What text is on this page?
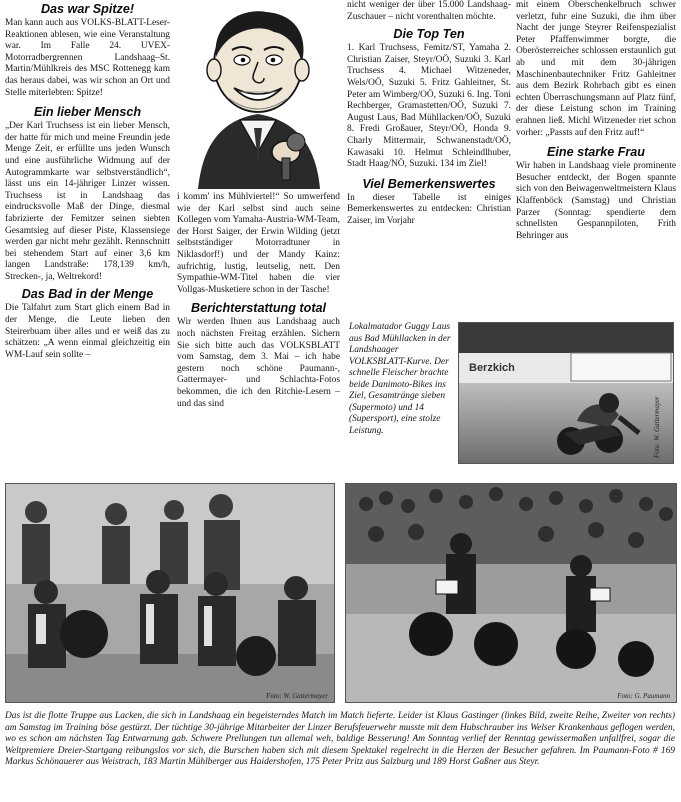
Das war Spitze!

Man kann auch aus VOLKS-BLATT-Leser-Reaktionen ablesen, wie eine Veranstaltung war. Im Falle 24. UVEX-Motorradbergrennen Landshaag–St. Martin/Mühlkreis des MSC Rottenegg kam das heraus dabei, was wir schon an Ort und Stelle miterlebten: Spitze!

Ein lieber Mensch

„Der Karl Truchsess ist ein lieber Mensch, der hatte für mich und meine Freundin jede Menge Zeit, er erfüllte uns jeden Wunsch und eine ausführliche Widmung auf der Autogrammkarte war selbstverständlich“, lässt uns ein 14-jähriger Linzer wissen. Truchsess ist in Landshaag das eindrucksvolle Maß der Dinge, diesmal fabrizierte der Femitzer seinen siebten Gesamtsieg auf dieser Piste, Klassensiege werden gar nicht mehr gezählt. Rennschnitt bei stehendem Start auf einer 3,6 km langen Landstraße: 178,139 km/h, Strecken-, ja, Weltrekord!

Das Bad in der Menge

Die Talfahrt zum Start glich einem Bad in der Menge, die Leute lieben den Steirerbuam über alles und er weiß das zu schätzen: „A wenn einmal gleichzeitig ein WM-Lauf sein sollte –

i komm' ins Mühlviertel!“ So umwerfend wie der Karl selbst sind auch seine Kollegen vom Yamaha-Austria-WM-Team, der Horst Saiger, der Erwin Wilding (jetzt selbstständiger Motorradtuner in Niklasdorf!) und der Mandy Kainz: aufrichtig, lustig, leutselig, nett. Den Sympathie-WM-Titel haben die vier Vollgas-Musketiere schon in der Tasche!

Berichterstattung total

Wir werden Ihnen aus Landshaag auch noch nächsten Freitag erzählen. Sichern Sie sich bitte auch das VOLKSBLATT vom Samstag, dem 3. Mai – ich habe gestern noch schöne Paumann-, Gattermayer- und Schlachta-Fotos bekommen, die ich den Ritchie-Lesern – und das sind

nicht weniger der über 15.000 Landshaag-Zuschauer – nicht vorenthalten möchte.

Die Top Ten

1. Karl Truchsess, Femitz/ST, Yamaha 2. Christian Zaiser, Steyr/OÖ, Suzuki 3. Karl Truchsess 4. Michael Witzeneder, Wels/OÖ, Suzuki 5. Fritz Gahleitner, St. Peter am Wimberg/OÖ, Suzuki 6. Ing. Toni Rechberger, Gramastetten/OÖ, Suzuki 7. August Laus, Bad Mühllacken/OÖ, Suzuki 8. Fredi Großauer, Steyr/OÖ, Honda 9. Charly Mittermair, Schwanenstadt/OÖ, Kawasaki 10. Helmut Schleindlhuber, Stadt Haag/NÖ, Suzuki. 134 im Ziel!

Viel Bemerkenswertes

In dieser Tabelle ist einiges Bemerkenswertes zu entdecken: Christian Zaiser, im Vorjahr

mit einem Oberschenkelbruch schwer verletzt, fuhr eine Suzuki, die ihm über Nacht der junge Steyrer Reifenspezialist Peter Pfaffenwimmer borgte, die Oberösterreicher schlossen erstaunlich gut ab und mit dem 30-jährigen Maschinenbautechniker Fritz Gahleitner aus dem Bezirk Rohrbach gibt es einen echten Überraschungsmann auf Platz fünf, der diese Leistung schon im Training erahnen ließ. Michl Witzeneder riet schon vorher: „Passts auf den Fritz auf!“

Eine starke Frau

Wir haben in Landshaag viele prominente Besucher entdeckt, der Bogen spannte sich von den Beiwagenweltmeistern Klaus Klaffenböck (Samstag) und Christian Parzer (Sonntag: spendierte dem schnellsten Gespannpiloten, Frith Behringer aus

Lokalmatador Guggy Laus aus Bad Mühllacken in der Landshaager VOLKSBLATT-Kurve. Der schnelle Fleischer brachte beide Danimoto-Bikes ins Ziel, Gesamtränge sieben (Supermoto) und 14 (Supersport), eine stolze Leistung.
Berzkich
Foto: W. Gattermayer
Foto: W. Gattermayer	Foto: G. Paumann
Das ist die flotte Truppe aus Lacken, die sich in Landshaag ein begeisterndes Match im Match lieferte. Leider ist Klaus Gastinger (linkes Bild, zweite Reihe, Zweiter von rechts) am Samstag im Training böse gestürzt. Der tüchtige 30-jährige Mitarbeiter der Linzer Berufsfeuerwehr musste mit dem Hubschrauber ins Welser Krankenhaus geflogen werden, wo es schon am nächsten Tag Entwarnung gab. Schwere Prellungen tun allemal weh, baldige Besserung! Am Sonntag verlief der Renntag gewissermaßen unfallfrei, sogar die Weltpremiere Dreier-Startgang reibungslos vor sich, die Burschen haben sich mit diesem Spektakel regelrecht in die Herzen der Besucher gefahren. Im Paumann-Foto # 169 Markus Schönauerer aus Weistrach, 183 Martin Mühlberger aus Haidershofen, 175 Peter Pritz aus Salzburg und 189 Horst Gaßner aus Steyr.
